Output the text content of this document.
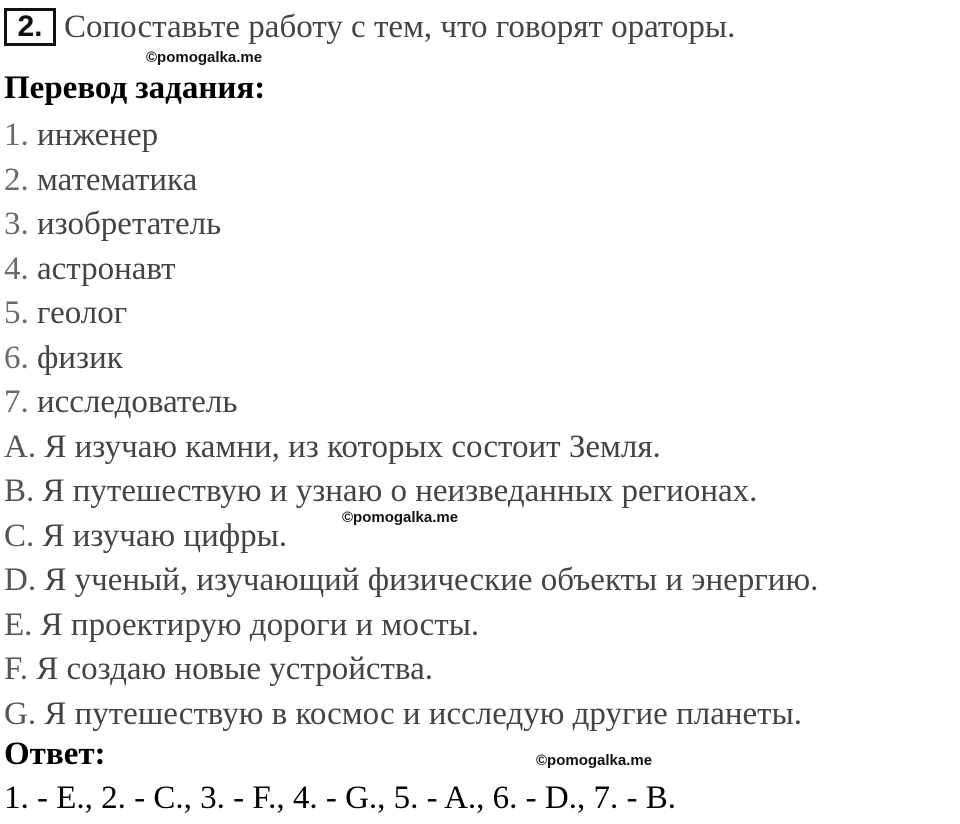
2. Сопоставьте работу с тем, что говорят ораторы.
©pomogalka.me
Перевод задания:
1. инженер
2. математика
3. изобретатель
4. астронавт
5. геолог
6. физик
7. исследователь
A. Я изучаю камни, из которых состоит Земля.
B. Я путешествую и узнаю о неизведанных регионах.
C. Я изучаю цифры.
D. Я ученый, изучающий физические объекты и энергию.
E. Я проектирую дороги и мосты.
F. Я создаю новые устройства.
G. Я путешествую в космос и исследую другие планеты.
©pomogalka.me
Ответ:	©pomogalka.me
1. - E., 2. - C., 3. - F., 4. - G., 5. - A., 6. - D., 7. - B.
